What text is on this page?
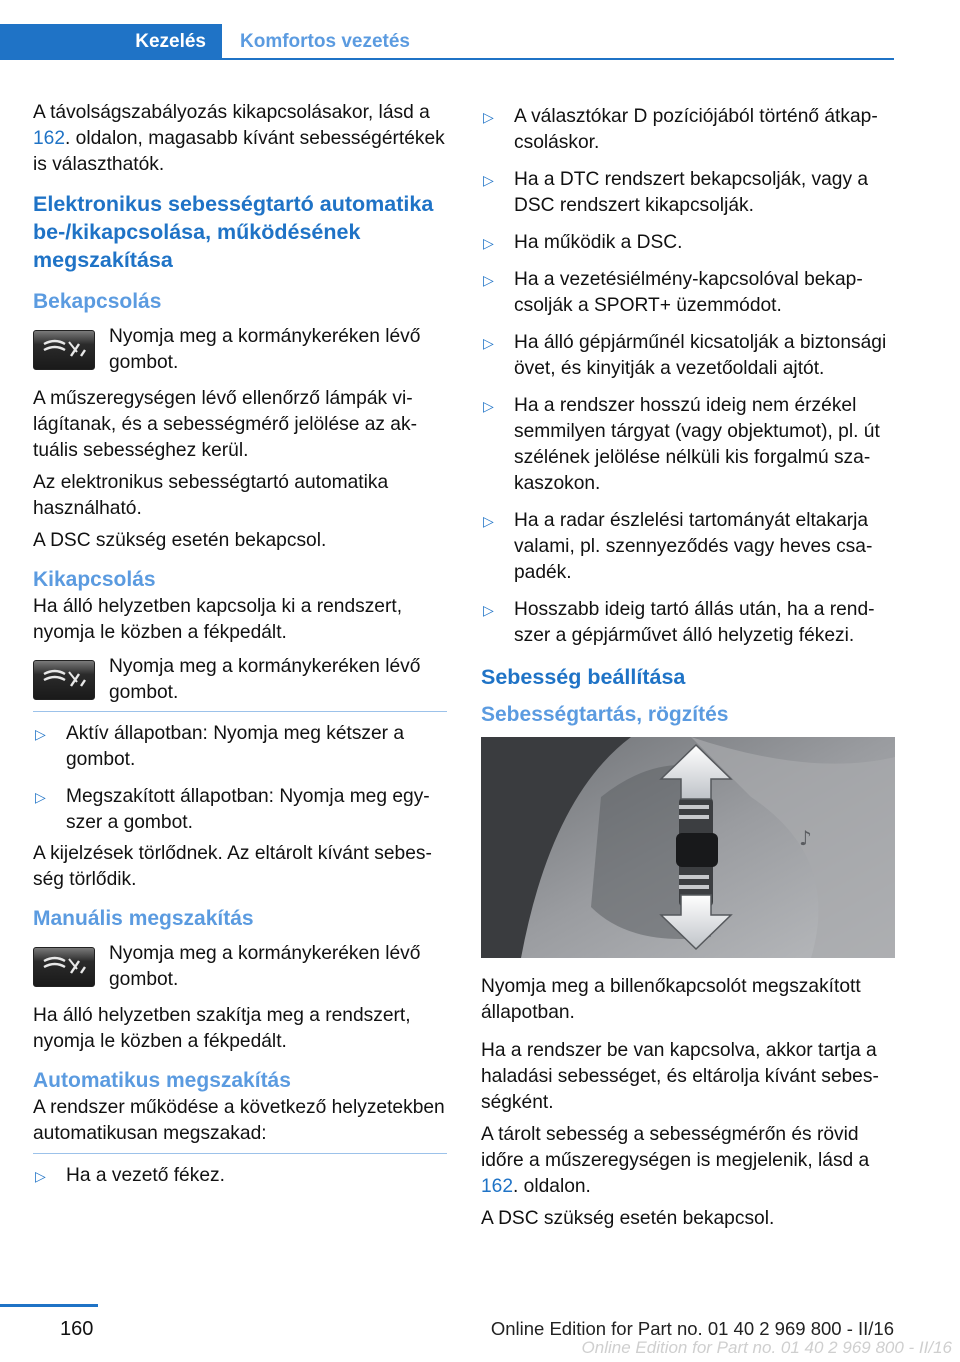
Kezelés	Komfortos vezetés

A távolságszabályozás kikapcsolásakor, lásd a 162. oldalon, magasabb kívánt sebességértékek is választhatók.

Elektronikus sebességtartó automatika be-/kikapcsolása, működésének megszakítása
Bekapcsolás

Nyomja meg a kormánykeréken lévő gombot.

A műszeregységen lévő ellenőrző lámpák világítanak, és a sebességmérő jelölése az aktuális sebességhez kerül.

Az elektronikus sebességtartó automatika használható.

A DSC szükség esetén bekapcsol.

Kikapcsolás

Ha álló helyzetben kapcsolja ki a rendszert, nyomja le közben a fékpedált.

Nyomja meg a kormánykeréken lévő gombot.

▷	Aktív állapotban: Nyomja meg kétszer a gombot.

▷	Megszakított állapotban: Nyomja meg egyszer a gombot.

A kijelzések törlődnek. Az eltárolt kívánt sebesség törlődik.

Manuális megszakítás

Nyomja meg a kormánykeréken lévő gombot.

Ha álló helyzetben szakítja meg a rendszert, nyomja le közben a fékpedált.

Automatikus megszakítás

A rendszer működése a következő helyzetekben automatikusan megszakad:

▷	Ha a vezető fékez.

▷	A választókar D pozíciójából történő átkapcsoláskor.

▷	Ha a DTC rendszert bekapcsolják, vagy a DSC rendszert kikapcsolják.

▷	Ha működik a DSC.

▷	Ha a vezetésiélmény-kapcsolóval bekapcsolják a SPORT+ üzemmódot.

▷	Ha álló gépjárműnél kicsatolják a biztonsági övet, és kinyitják a vezetőoldali ajtót.

▷	Ha a rendszer hosszú ideig nem érzékel semmilyen tárgyat (vagy objektumot), pl. út szélének jelölése nélküli kis forgalmú szakaszokon.

▷	Ha a radar észlelési tartományát eltakarja valami, pl. szennyeződés vagy heves csapadék.

▷	Hosszabb ideig tartó állás után, ha a rendszer a gépjárművet álló helyzetig fékezi.

Sebesség beállítása
Sebességtartás, rögzítés
♪

Nyomja meg a billenőkapcsolót megszakított állapotban.

Ha a rendszer be van kapcsolva, akkor tartja a haladási sebességet, és eltárolja kívánt sebességként.

A tárolt sebesség a sebességmérőn és rövid időre a műszeregységen is megjelenik, lásd a 162. oldalon.

A DSC szükség esetén bekapcsol.

160	Online Edition for Part no. 01 40 2 969 800 - II/16
Online Edition for Part no. 01 40 2 969 800 - II/16
